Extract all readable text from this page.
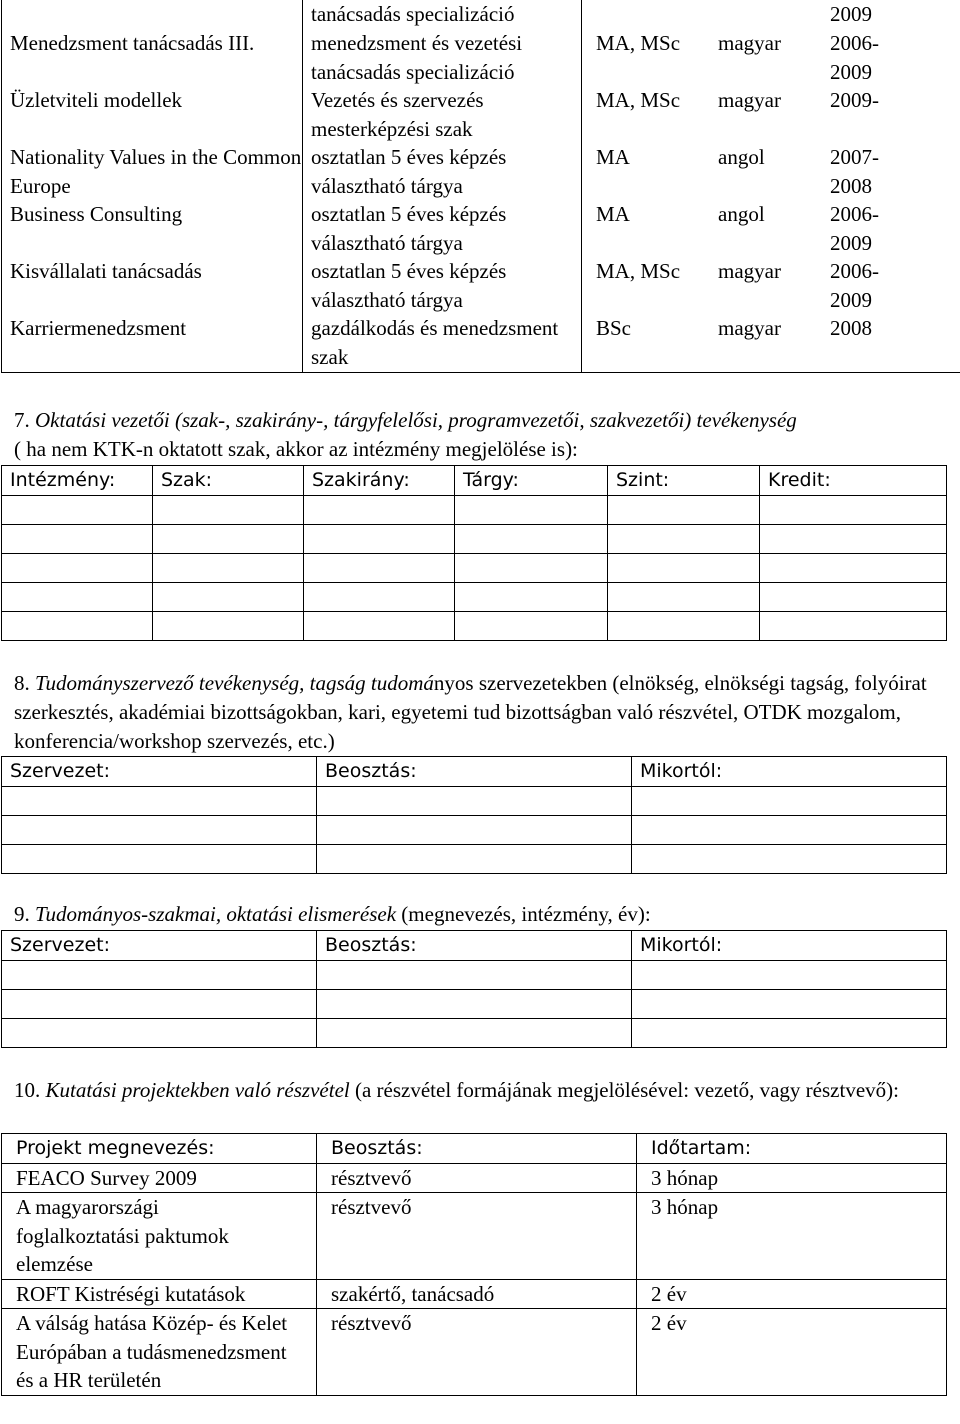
	tanácsadás specializáció	2009

Menedzsment tanácsadás III.	menedzsment és vezetési tanácsadás specializáció	MA, MSc magyar 2006-2009

Üzletviteli modellek	Vezetés és szervezés mesterképzési szak	MA, MSc magyar 2009-

Nationality Values in the Common Europe	osztatlan 5 éves képzés választható tárgya	MA angol 2007-2008

Business Consulting	osztatlan 5 éves képzés választható tárgya	MA angol 2006-2009

Kisvállalati tanácsadás	osztatlan 5 éves képzés választható tárgya	MA, MSc magyar 2006-2009

Karriermenedzsment	gazdálkodás és menedzsment szak	BSc magyar 2008
7. Oktatási vezetői (szak-, szakirány-, tárgyfelelősi, programvezetői, szakvezetői) tevékenység
( ha nem KTK-n oktatott szak, akkor az intézmény megjelölése is):
Intézmény:	Szak:	Szakirány:	Tárgy:	Szint:	Kredit:

8. Tudományszervező tevékenység, tagság tudományos szervezetekben (elnökség, elnökségi tagság, folyóirat szerkesztés, akadémiai bizottságokban, kari, egyetemi tud bizottságban való részvétel, OTDK mozgalom, konferencia/workshop szervezés, etc.)
Szervezet:	Beosztás:	Mikortól:

9. Tudományos-szakmai, oktatási elismerések (megnevezés, intézmény, év):
Szervezet:	Beosztás:	Mikortól:

10. Kutatási projektekben való részvétel (a részvétel formájának megjelölésével: vezető, vagy résztvevő):
Projekt megnevezés:	Beosztás:	Időtartam:
FEACO Survey 2009	résztvevő	3 hónap
A magyarországi foglalkoztatási paktumok elemzése	résztvevő	3 hónap
ROFT Kistréségi kutatások	szakértő, tanácsadó	2 év
A válság hatása Közép- és Kelet Európában a tudásmenedzsment és a HR területén	résztvevő	2 év
